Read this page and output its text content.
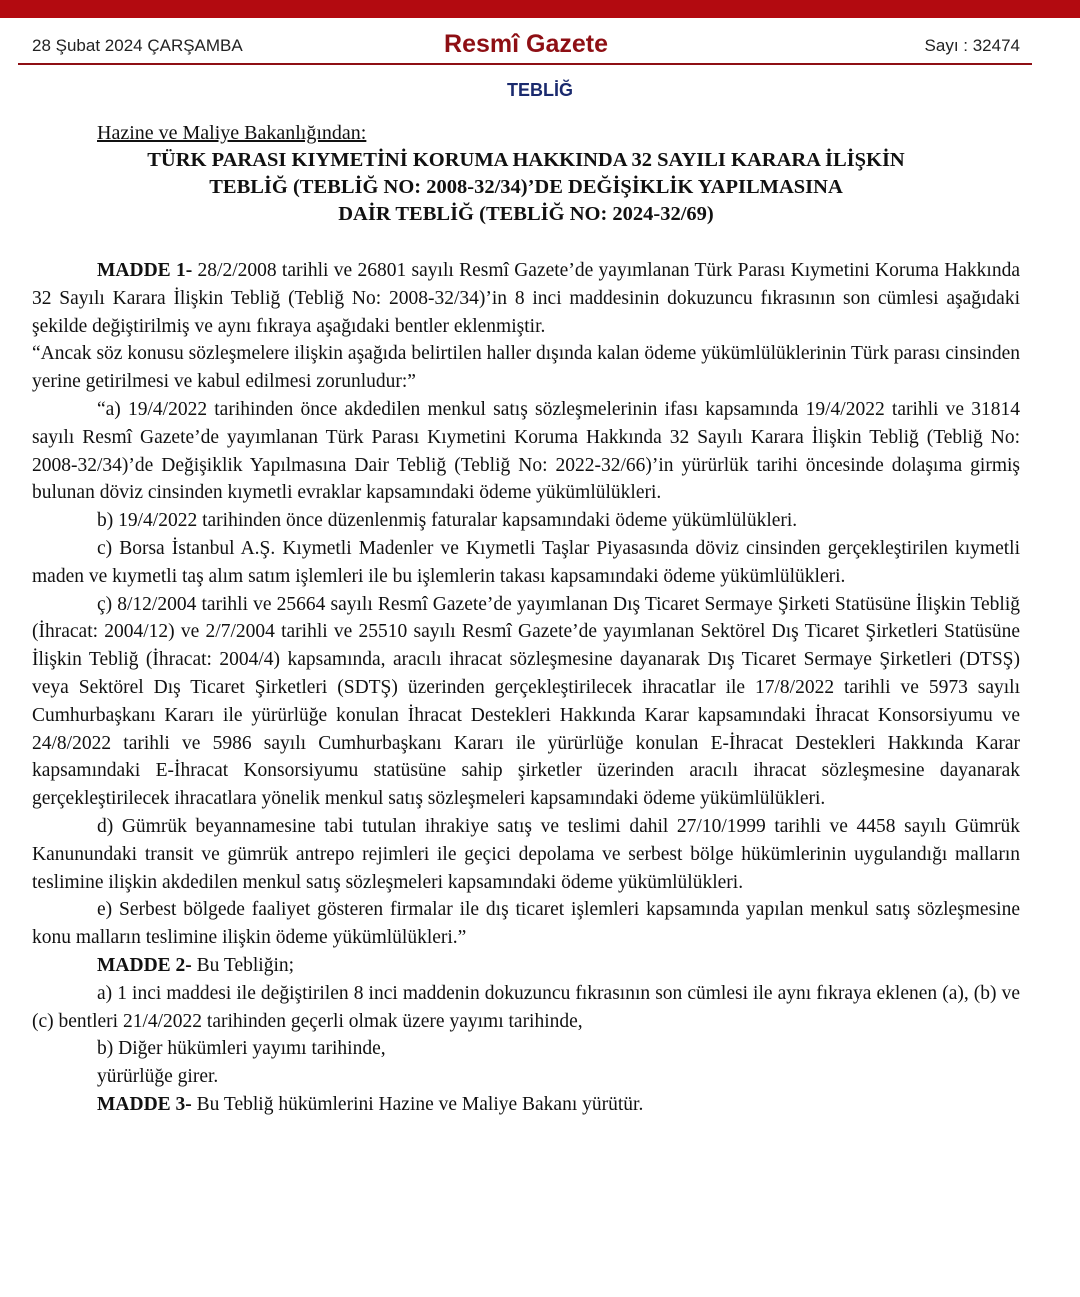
28 Şubat 2024 ÇARŞAMBA	Resmî Gazete	Sayı : 32474
TEBLİĞ
Hazine ve Maliye Bakanlığından:
TÜRK PARASI KIYMETİNİ KORUMA HAKKINDA 32 SAYILI KARARA İLİŞKİN
TEBLİĞ (TEBLİĞ NO: 2008-32/34)’DE DEĞİŞİKLİK YAPILMASINA
DAİR TEBLİĞ (TEBLİĞ NO: 2024-32/69)

MADDE 1- 28/2/2008 tarihli ve 26801 sayılı Resmî Gazete’de yayımlanan Türk Parası Kıymetini Koruma Hakkında 32 Sayılı Karara İlişkin Tebliğ (Tebliğ No: 2008-32/34)’in 8 inci maddesinin dokuzuncu fıkrasının son cümlesi aşağıdaki şekilde değiştirilmiş ve aynı fıkraya aşağıdaki bentler eklenmiştir.

“Ancak söz konusu sözleşmelere ilişkin aşağıda belirtilen haller dışında kalan ödeme yükümlülüklerinin Türk parası cinsinden yerine getirilmesi ve kabul edilmesi zorunludur:”

“a) 19/4/2022 tarihinden önce akdedilen menkul satış sözleşmelerinin ifası kapsamında 19/4/2022 tarihli ve 31814 sayılı Resmî Gazete’de yayımlanan Türk Parası Kıymetini Koruma Hakkında 32 Sayılı Karara İlişkin Tebliğ (Tebliğ No: 2008-32/34)’de Değişiklik Yapılmasına Dair Tebliğ (Tebliğ No: 2022-32/66)’in yürürlük tarihi öncesinde dolaşıma girmiş bulunan döviz cinsinden kıymetli evraklar kapsamındaki ödeme yükümlülükleri.

b) 19/4/2022 tarihinden önce düzenlenmiş faturalar kapsamındaki ödeme yükümlülükleri.

c) Borsa İstanbul A.Ş. Kıymetli Madenler ve Kıymetli Taşlar Piyasasında döviz cinsinden gerçekleştirilen kıymetli maden ve kıymetli taş alım satım işlemleri ile bu işlemlerin takası kapsamındaki ödeme yükümlülükleri.

ç) 8/12/2004 tarihli ve 25664 sayılı Resmî Gazete’de yayımlanan Dış Ticaret Sermaye Şirketi Statüsüne İlişkin Tebliğ (İhracat: 2004/12) ve 2/7/2004 tarihli ve 25510 sayılı Resmî Gazete’de yayımlanan Sektörel Dış Ticaret Şirketleri Statüsüne İlişkin Tebliğ (İhracat: 2004/4) kapsamında, aracılı ihracat sözleşmesine dayanarak Dış Ticaret Sermaye Şirketleri (DTSŞ) veya Sektörel Dış Ticaret Şirketleri (SDTŞ) üzerinden gerçekleştirilecek ihracatlar ile 17/8/2022 tarihli ve 5973 sayılı Cumhurbaşkanı Kararı ile yürürlüğe konulan İhracat Destekleri Hakkında Karar kapsamındaki İhracat Konsorsiyumu ve 24/8/2022 tarihli ve 5986 sayılı Cumhurbaşkanı Kararı ile yürürlüğe konulan E-İhracat Destekleri Hakkında Karar kapsamındaki E-İhracat Konsorsiyumu statüsüne sahip şirketler üzerinden aracılı ihracat sözleşmesine dayanarak gerçekleştirilecek ihracatlara yönelik menkul satış sözleşmeleri kapsamındaki ödeme yükümlülükleri.

d) Gümrük beyannamesine tabi tutulan ihrakiye satış ve teslimi dahil 27/10/1999 tarihli ve 4458 sayılı Gümrük Kanunundaki transit ve gümrük antrepo rejimleri ile geçici depolama ve serbest bölge hükümlerinin uygulandığı malların teslimine ilişkin akdedilen menkul satış sözleşmeleri kapsamındaki ödeme yükümlülükleri.

e) Serbest bölgede faaliyet gösteren firmalar ile dış ticaret işlemleri kapsamında yapılan menkul satış sözleşmesine konu malların teslimine ilişkin ödeme yükümlülükleri.”

MADDE 2- Bu Tebliğin;

a) 1 inci maddesi ile değiştirilen 8 inci maddenin dokuzuncu fıkrasının son cümlesi ile aynı fıkraya eklenen (a), (b) ve (c) bentleri 21/4/2022 tarihinden geçerli olmak üzere yayımı tarihinde,

b) Diğer hükümleri yayımı tarihinde,

yürürlüğe girer.

MADDE 3- Bu Tebliğ hükümlerini Hazine ve Maliye Bakanı yürütür.
